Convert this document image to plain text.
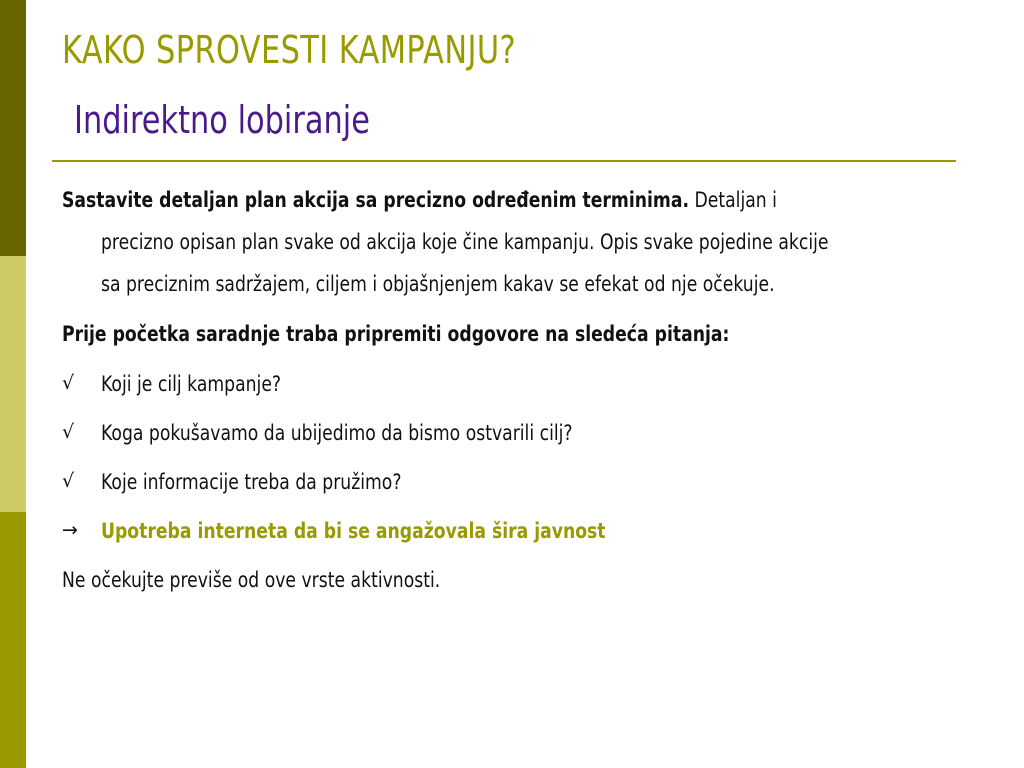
KAKO SPROVESTI KAMPANJU?
Indirektno lobiranje
Sastavite detaljan plan akcija sa precizno određenim terminima. Detaljan i
precizno opisan plan svake od akcija koje čine kampanju. Opis svake pojedine akcije
sa preciznim sadržajem, ciljem i objašnjenjem kakav se efekat od nje očekuje.
Prije početka saradnje traba pripremiti odgovore na sledeća pitanja:
√ Koji je cilj kampanje?
√ Koga pokušavamo da ubijedimo da bismo ostvarili cilj?
√ Koje informacije treba da pružimo?
→ Upotreba interneta da bi se angažovala šira javnost
Ne očekujte previše od ove vrste aktivnosti.
